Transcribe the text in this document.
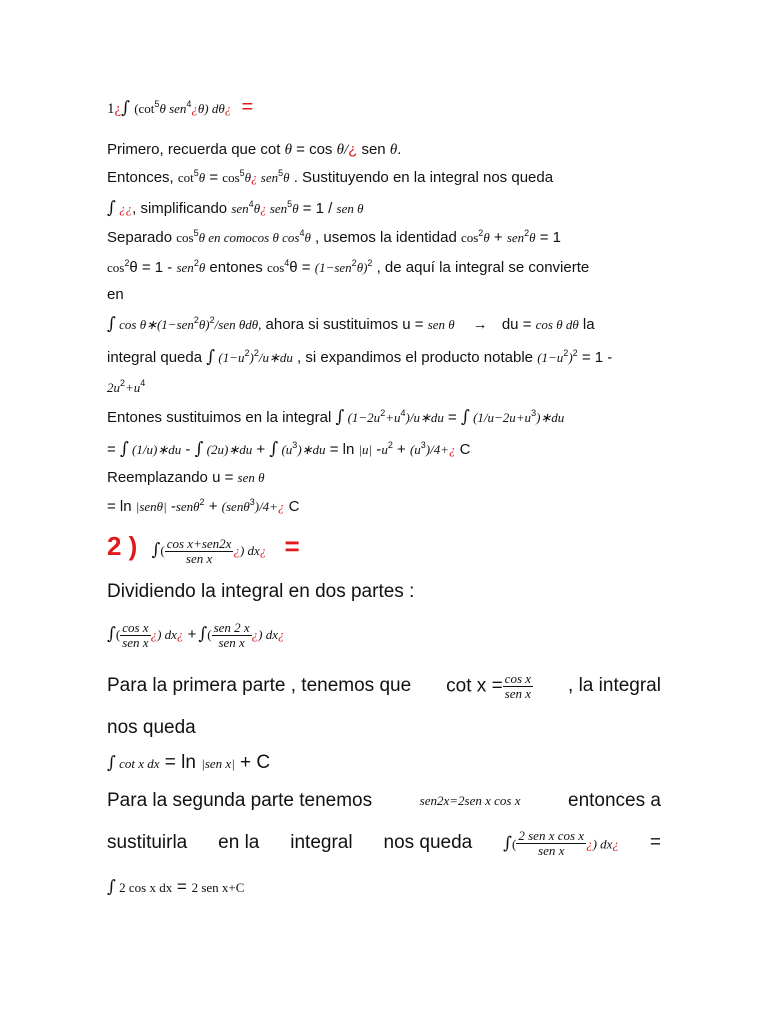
1¿∫ ($\cot^5\theta$ sen$^4$¿θ) dθ¿ =
Primero, recuerda que cot θ = cos θ/¿ sen θ.
Entonces, $\cot^5\theta$ = $\cos^5\theta¿$ sen$^5$θ . Sustituyendo en la integral nos queda
∫ ¿¿, simplificando sen$^4$θ¿ sen$^5$θ = 1 / sen θ
Separado $\cos^5\theta$ en comocos θ $\cos^4\theta$ , usemos la identidad $\cos^2\theta + sen^2\theta = 1$
$\cos^2\theta = 1 - sen^2\theta$ entones $\cos^4\theta = (1-sen^2\theta)^2$ , de aquí la integral se convierte
en
∫ $\cos \theta∗(1-sen^2\theta)^2$/sen θdθ, ahora si sustituimos u = sen θ → du = cos θ dθ la
integral queda ∫ $(1-u^2)^2/u∗du$ , si expandimos el producto notable $(1-u^2)^2 = 1$ -
$2u^2+u^4$
Entones sustituimos en la integral ∫ $(1-2u^2+u^4)/u∗du$ = ∫ $(1/u-2u+u^3)∗du$
= ∫ (1/u)∗du - ∫ (2u)∗du + ∫ $(u^3)∗du = \ln |u|$ $-u^2$ + $(u^3)/4+¿$ C
Reemplazando u = sen θ
= ln |senθ| -senθ$^2$ + (senθ$^3$)/4+¿ C
2 ) ∫( $\frac{\text{cos x+sen2x}}{\text{sen x}}$ ¿) dx¿ =
Dividiendo la integral en dos partes :
∫( $\frac{\text{cos x}}{\text{sen x}}$ ¿) dx¿ + ∫( $\frac{\text{sen 2 x}}{\text{sen x}}$ ¿) dx¿
Para la primera parte , tenemos que $\cot x = \frac{\text{cos x}}{\text{sen x}}$ , la integral
nos queda
∫ cot x dx = ln |sen x| + C
Para la segunda parte tenemos	sen2x=2sen x cos x	entonces a
sustituirla en la integral nos queda ∫( $\frac{\text{2 sen x cos x}}{\text{sen x}}$ ¿) dx¿ =
∫ 2 cos x dx = 2 sen x+C
